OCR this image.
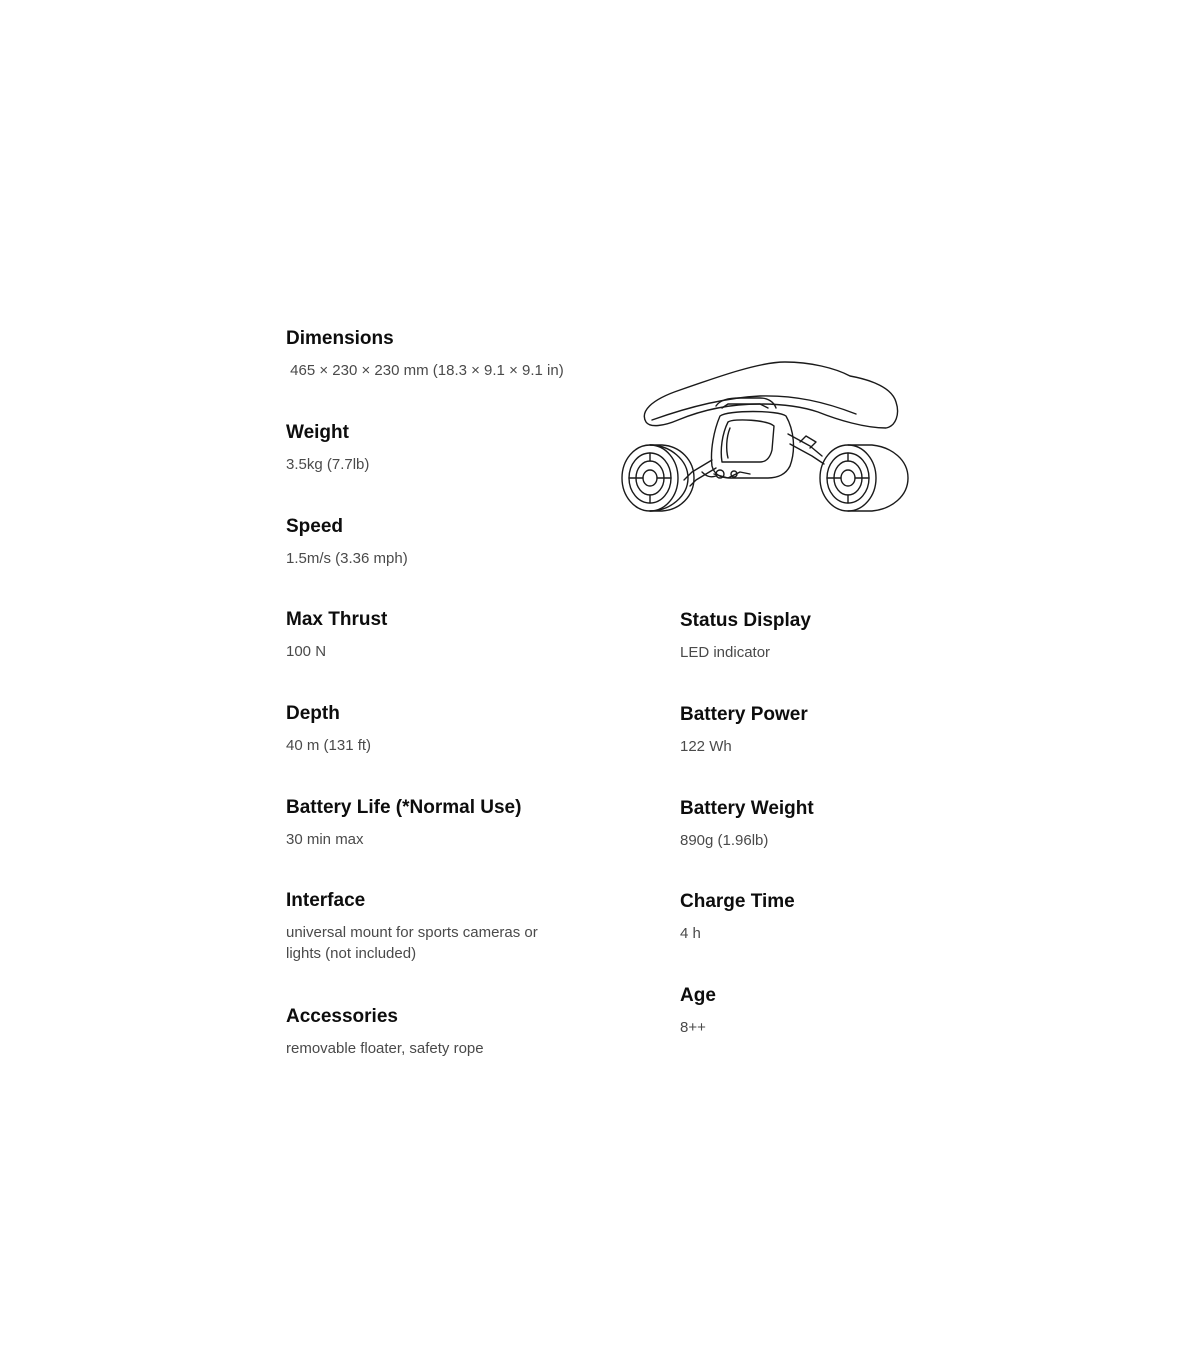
Dimensions
465 × 230 × 230 mm (18.3 × 9.1 × 9.1 in)
Weight
3.5kg (7.7lb)
Speed
1.5m/s (3.36 mph)
Max Thrust
100 N
Depth
40 m (131 ft)
Battery Life (*Normal Use)
30 min max
Interface
universal mount for sports cameras or lights (not included)
Accessories
removable floater, safety rope
Status Display
LED indicator
Battery Power
122 Wh
Battery Weight
890g (1.96lb)
Charge Time
4 h
Age
8++
